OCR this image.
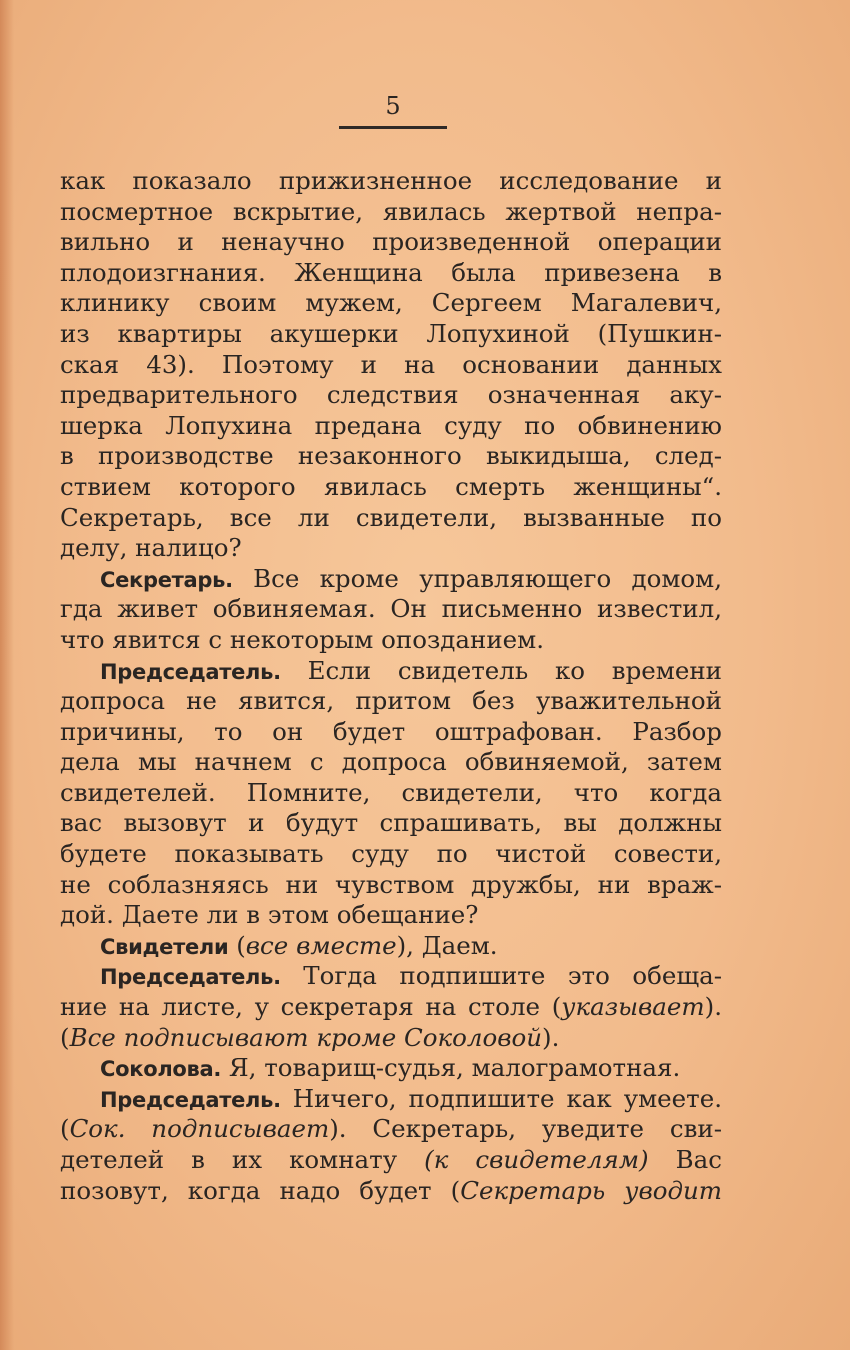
5
как показало прижизненное исследование и
посмертное вскрытие, явилась жертвой непра-
вильно и ненаучно произведенной операции
плодоизгнания. Женщина была привезена в
клинику своим мужем, Сергеем Магалевич,
из квартиры акушерки Лопухиной (Пушкин-
ская 43). Поэтому и на основании данных
предварительного следствия означенная аку-
шерка Лопухина предана суду по обвинению
в производстве незаконного выкидыша, след-
ствием которого явилась смерть женщины“.
Секретарь, все ли свидетели, вызванные по
делу, налицо?
Секретарь. Все кроме управляющего домом,
гда живет обвиняемая. Он письменно известил,
что явится с некоторым опозданием.
Председатель. Если свидетель ко времени
допроса не явится, притом без уважительной
причины, то он будет оштрафован. Разбор
дела мы начнем с допроса обвиняемой, затем
свидетелей. Помните, свидетели, что когда
вас вызовут и будут спрашивать, вы должны
будете показывать суду по чистой совести,
не соблазняясь ни чувством дружбы, ни враж-
дой. Даете ли в этом обещание?
Свидетели (все вместе), Даем.
Председатель. Тогда подпишите это обеща-
ние на листе, у секретаря на столе (указывает).
(Все подписывают кроме Соколовой).
Соколова. Я, товарищ-судья, малограмотная.
Председатель. Ничего, подпишите как умеете.
(Сок. подписывает). Секретарь, уведите сви-
детелей в их комнату (к свидетелям) Вас
позовут, когда надо будет (Секретарь уводит
